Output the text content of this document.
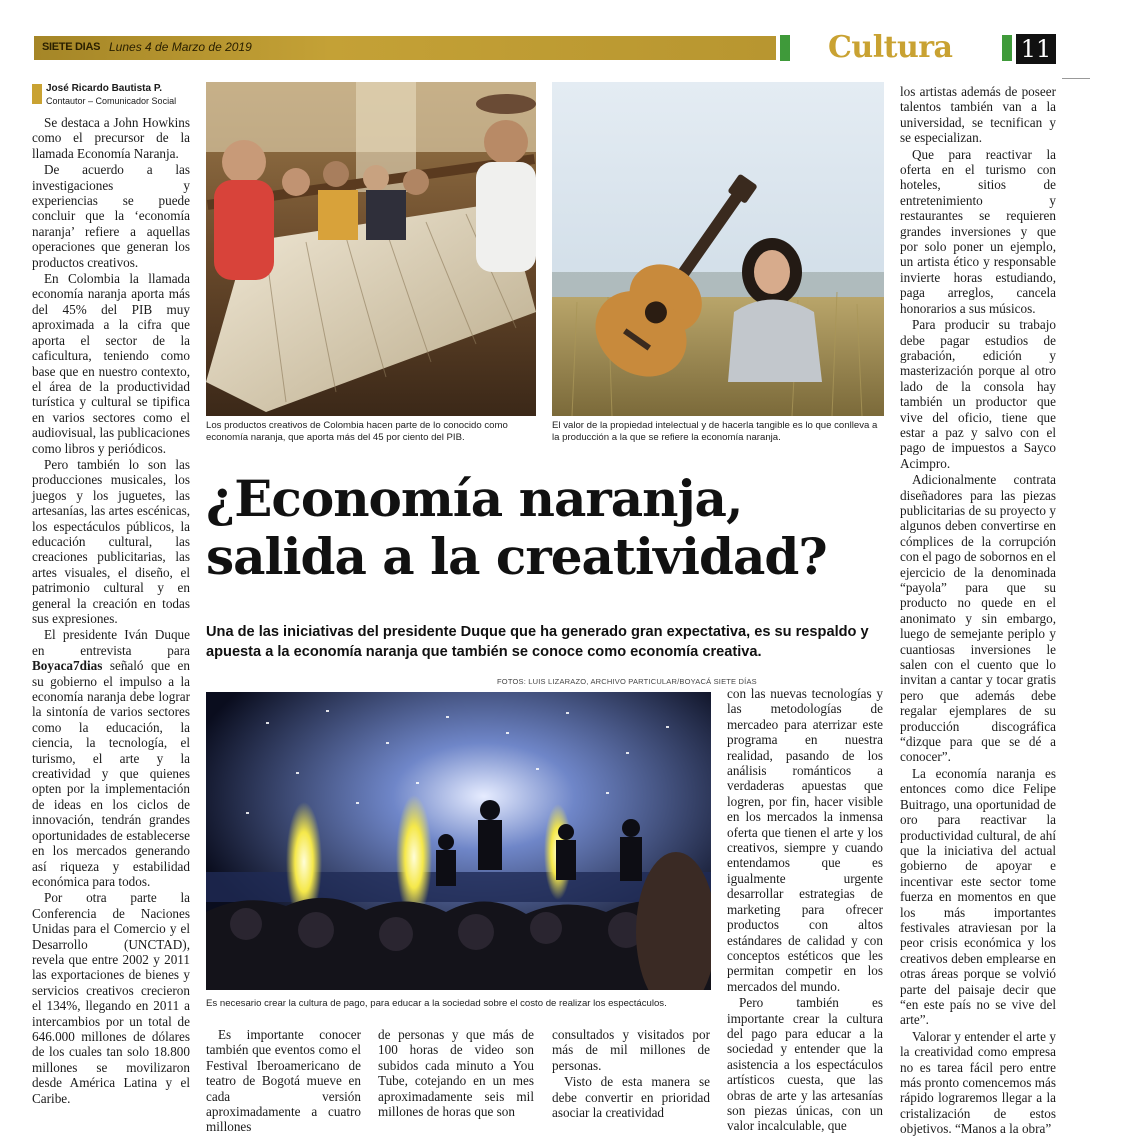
SIETE DIAS Lunes 4 de Marzo de 2019	Cultura	11
José Ricardo Bautista P.
Contautor – Comunicador Social

Se destaca a John Howkins como el precursor de la llamada Economía Naranja.

De acuerdo a las investigaciones y experiencias se puede concluir que la ‘economía naranja’ refiere a aquellas operaciones que generan los productos creativos.

En Colombia la llamada economía naranja aporta más del 45% del PIB muy aproximada a la cifra que aporta el sector de la caficultura, teniendo como base que en nuestro contexto, el área de la productividad turística y cultural se tipifica en varios sectores como el audiovisual, las publicaciones como libros y periódicos.

Pero también lo son las producciones musicales, los juegos y los juguetes, las artesanías, las artes escénicas, los espectáculos públicos, la educación cultural, las creaciones publicitarias, las artes visuales, el diseño, el patrimonio cultural y en general la creación en todas sus expresiones.

El presidente Iván Duque en entrevista para Boyaca7dias señaló que en su gobierno el impulso a la economía naranja debe lograr la sintonía de varios sectores como la educación, la ciencia, la tecnología, el turismo, el arte y la creatividad y que quienes opten por la implementación de ideas en los ciclos de innovación, tendrán grandes oportunidades de establecerse en los mercados generando así riqueza y estabilidad económica para todos.

Por otra parte la Conferencia de Naciones Unidas para el Comercio y el Desarrollo (UNCTAD), revela que entre 2002 y 2011 las exportaciones de bienes y servicios creativos crecieron el 134%, llegando en 2011 a intercambios por un total de 646.000 millones de dólares de los cuales tan solo 18.800 millones se movilizaron desde América Latina y el Caribe.

Los productos creativos de Colombia hacen parte de lo conocido como economía naranja, que aporta más del 45 por ciento del PIB.
El valor de la propiedad intelectual y de hacerla tangible es lo que conlleva a la producción a la que se refiere la economía naranja.

los artistas además de poseer talentos también van a la universidad, se tecnifican y se especializan.

Que para reactivar la oferta en el turismo con hoteles, sitios de entretenimiento y restaurantes se requieren grandes inversiones y que por solo poner un ejemplo, un artista ético y responsable invierte horas estudiando, paga arreglos, cancela honorarios a sus músicos.

Para producir su trabajo debe pagar estudios de grabación, edición y masterización porque al otro lado de la consola hay también un productor que vive del oficio, tiene que estar a paz y salvo con el pago de impuestos a Sayco Acimpro.

Adicionalmente contrata diseñadores para las piezas publicitarias de su proyecto y algunos deben convertirse en cómplices de la corrupción con el pago de sobornos en el ejercicio de la denominada “payola” para que su producto no quede en el anonimato y sin embargo, luego de semejante periplo y cuantiosas inversiones le salen con el cuento que lo invitan a cantar y tocar gratis pero que además debe regalar ejemplares de su producción discográfica “dizque para que se dé a conocer”.

La economía naranja es entonces como dice Felipe Buitrago, una oportunidad de oro para reactivar la productividad cultural, de ahí que la iniciativa del actual gobierno de apoyar e incentivar este sector tome fuerza en momentos en que los más importantes festivales atraviesan por la peor crisis económica y los creativos deben emplearse en otras áreas porque se volvió parte del paisaje decir que “en este país no se vive del arte”.

Valorar y entender el arte y la creatividad como empresa no es tarea fácil pero entre más pronto comencemos más rápido lograremos llegar a la cristalización de estos objetivos. “Manos a la obra”

¿Economía naranja,
salida a la creatividad?
Una de las iniciativas del presidente Duque que ha generado gran expectativa, es su respaldo y apuesta a la economía naranja que también se conoce como economía creativa.
FOTOS: LUIS LIZARAZO, ARCHIVO PARTICULAR/BOYACÁ SIETE DÍAS
Es necesario crear la cultura de pago, para educar a la sociedad sobre el costo de realizar los espectáculos.

con las nuevas tecnologías y las metodologías de mercadeo para aterrizar este programa en nuestra realidad, pasando de los análisis románticos a verdaderas apuestas que logren, por fin, hacer visible en los mercados la inmensa oferta que tienen el arte y los creativos, siempre y cuando entendamos que es igualmente urgente desarrollar estrategias de marketing para ofrecer productos con altos estándares de calidad y con conceptos estéticos que les permitan competir en los mercados del mundo.

Pero también es importante crear la cultura del pago para educar a la sociedad y entender que la asistencia a los espectáculos artísticos cuesta, que las obras de arte y las artesanías son piezas únicas, con un valor incalculable, que

Es importante conocer también que eventos como el Festival Iberoamericano de teatro de Bogotá mueve en cada versión aproximadamente a cuatro millones

de personas y que más de 100 horas de video son subidos cada minuto a You Tube, cotejando en un mes aproximadamente seis mil millones de horas que son

consultados y visitados por más de mil millones de personas.

Visto de esta manera se debe convertir en prioridad asociar la creatividad
